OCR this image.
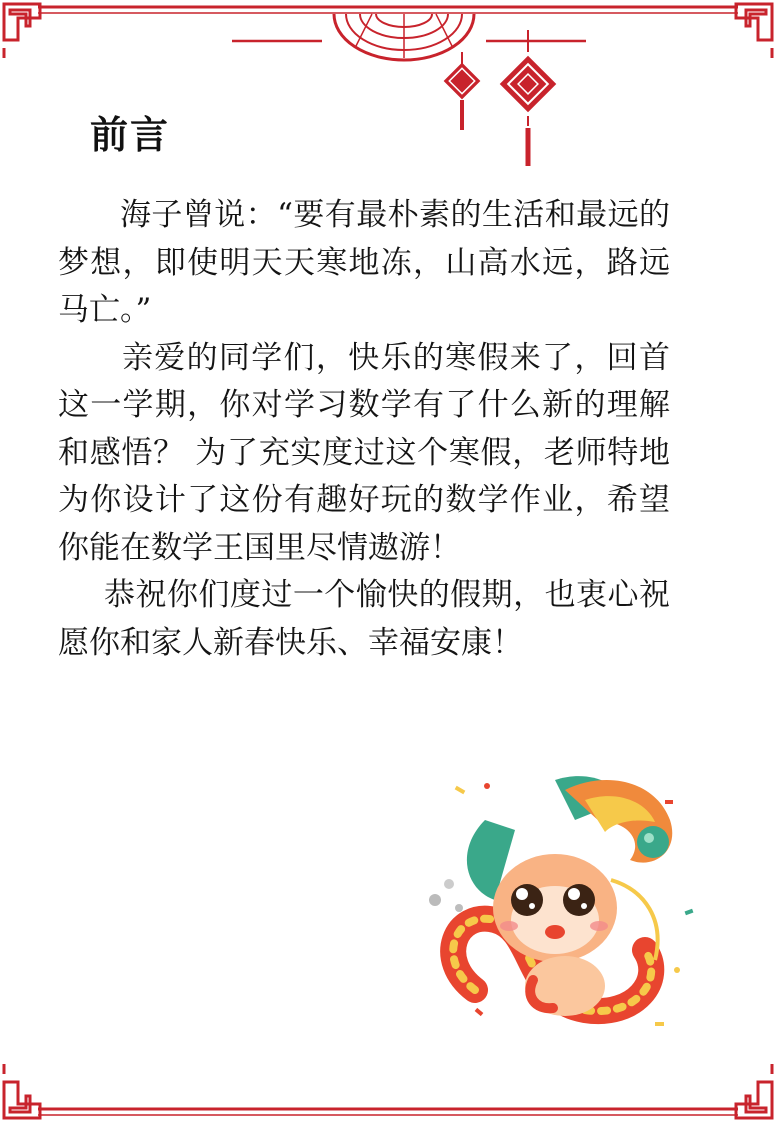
前言

海子曾说：“要有最朴素的生活和最远的梦想，即使明天天寒地冻，山高水远，路远马亡。”

亲爱的同学们，快乐的寒假来了，回首这一学期，你对学习数学有了什么新的理解和感悟？ 为了充实度过这个寒假，老师特地为你设计了这份有趣好玩的数学作业，希望你能在数学王国里尽情遨游！

恭祝你们度过一个愉快的假期，也衷心祝愿你和家人新春快乐、幸福安康！
